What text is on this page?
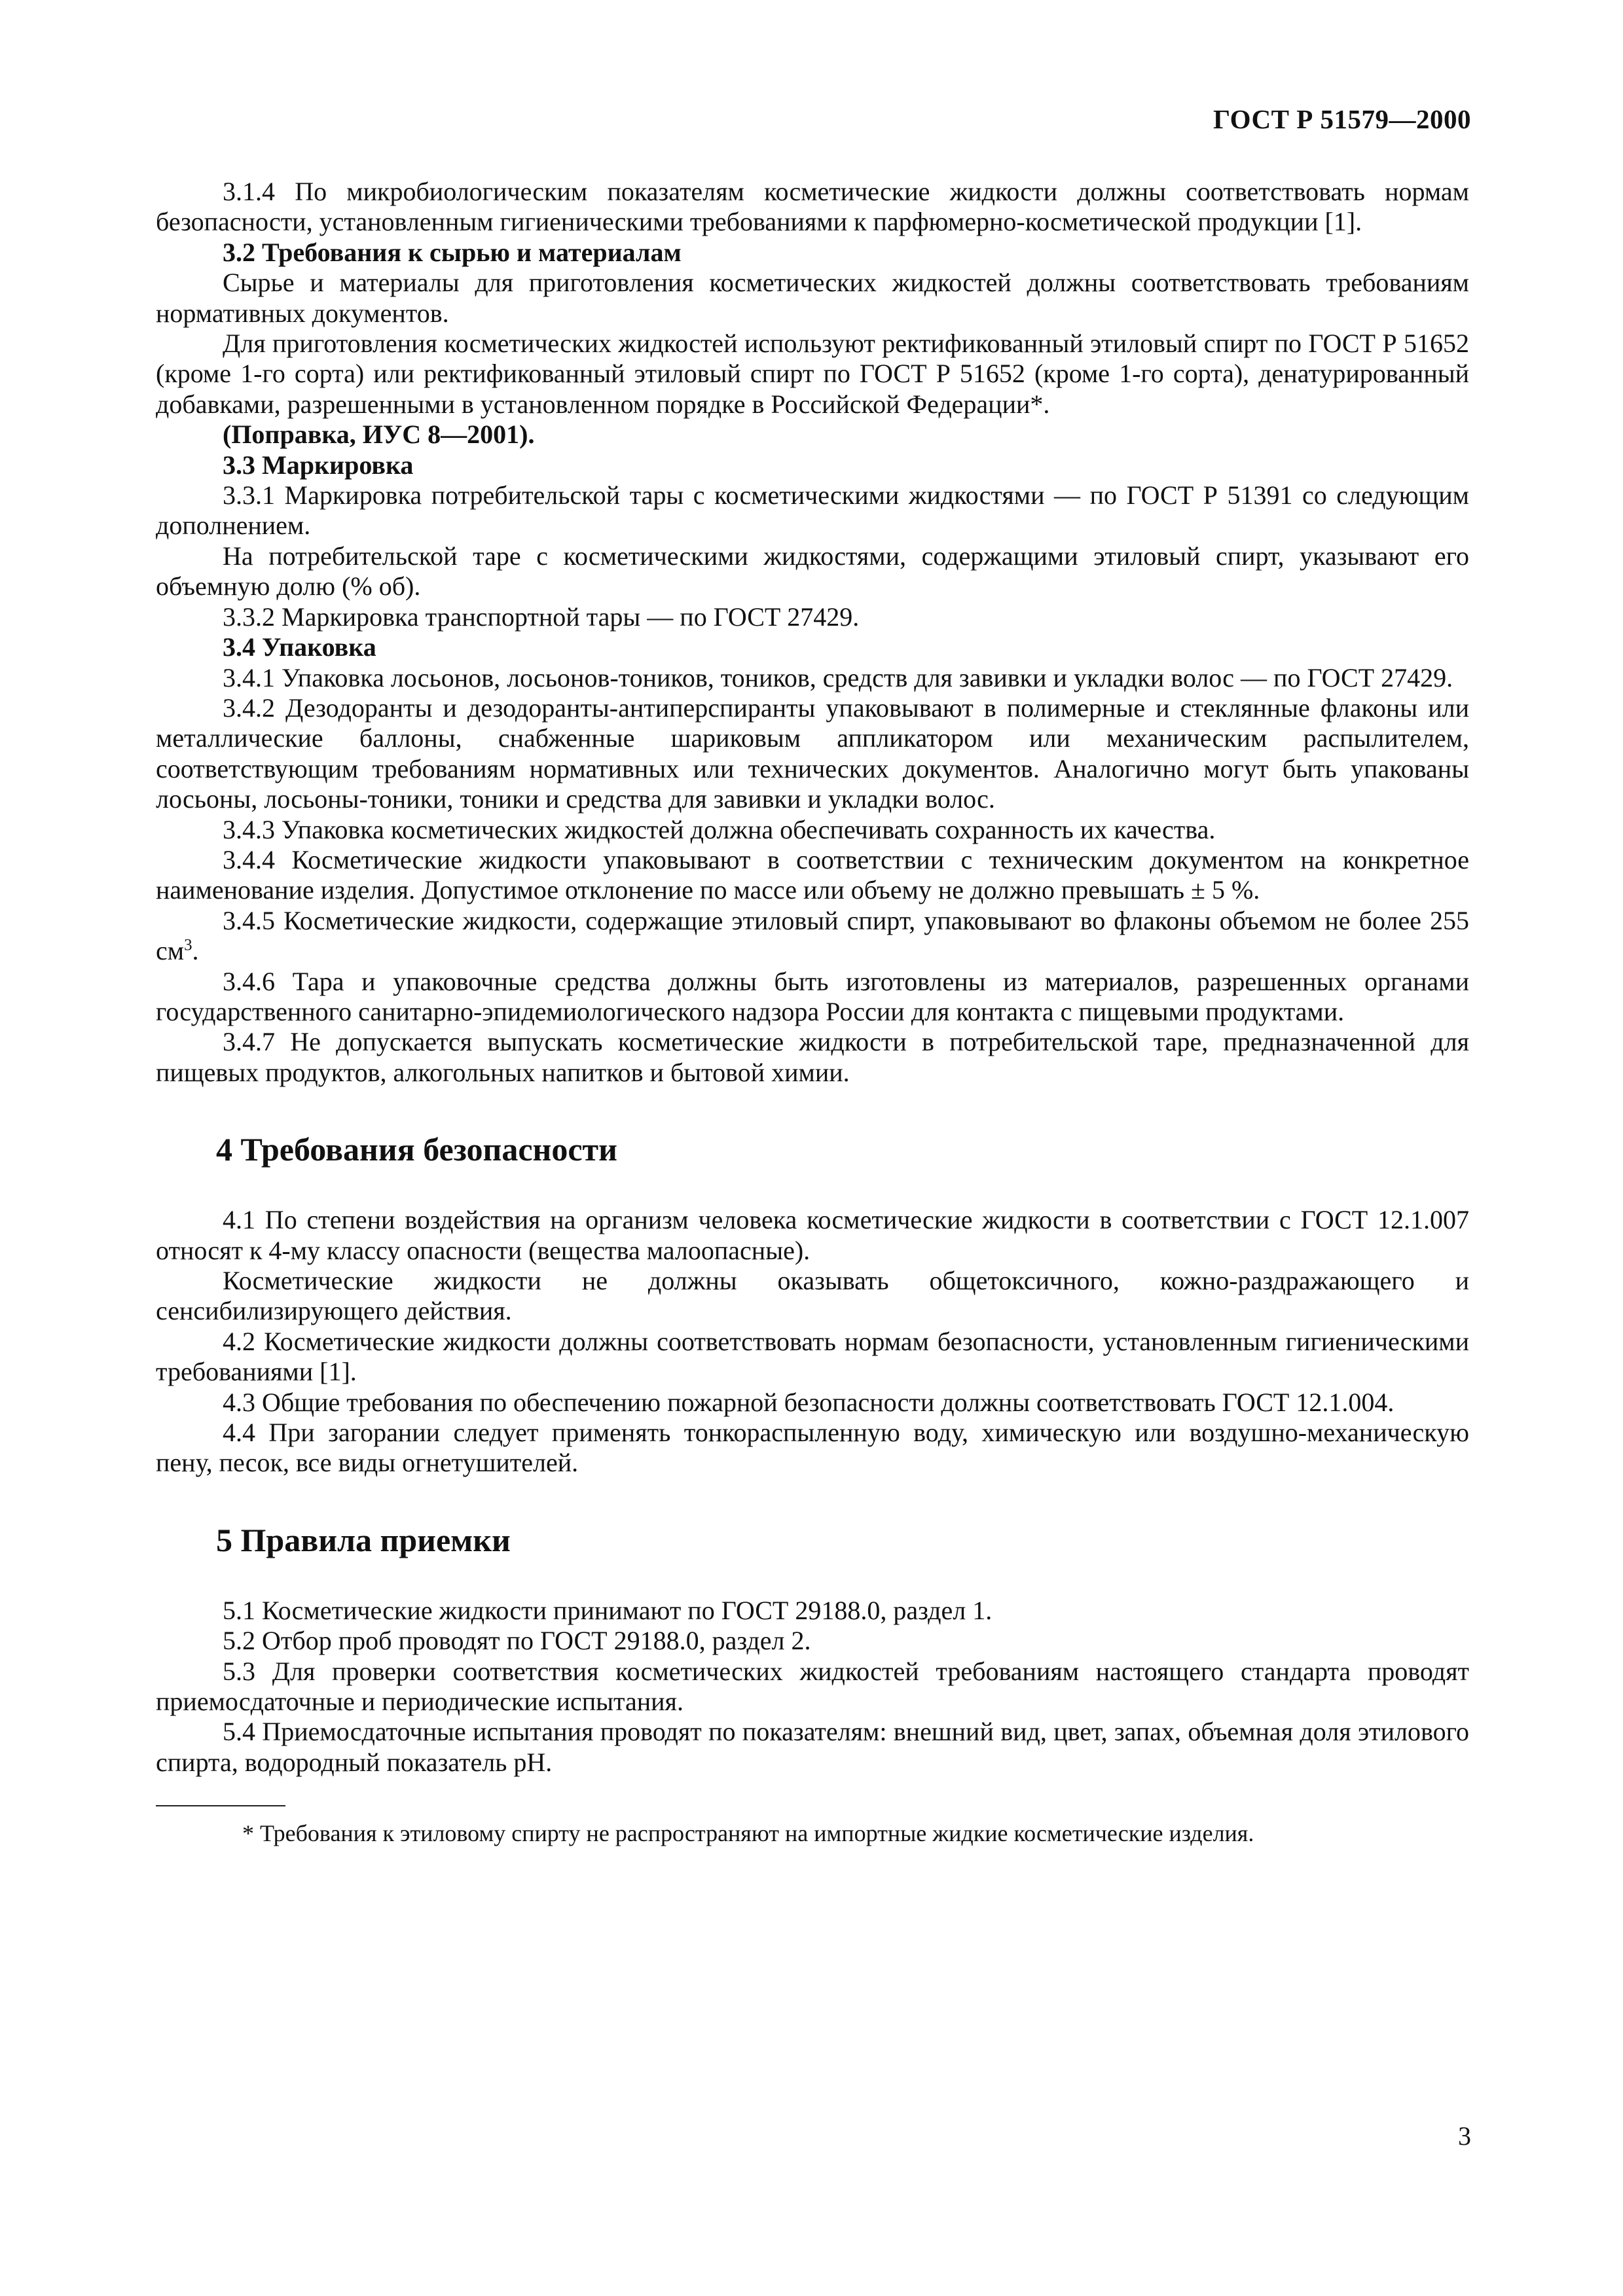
ГОСТ Р 51579—2000

3.1.4 По микробиологическим показателям косметические жидкости должны соответствовать нормам безопасности, установленным гигиеническими требованиями к парфюмерно-косметической продукции [1].

3.2 Требования к сырью и материалам

Сырье и материалы для приготовления косметических жидкостей должны соответствовать требованиям нормативных документов.

Для приготовления косметических жидкостей используют ректификованный этиловый спирт по ГОСТ Р 51652 (кроме 1-го сорта) или ректификованный этиловый спирт по ГОСТ Р 51652 (кроме 1-го сорта), денатурированный добавками, разрешенными в установленном порядке в Российской Федерации*.

(Поправка, ИУС 8—2001).
3.3 Маркировка

3.3.1 Маркировка потребительской тары с косметическими жидкостями — по ГОСТ Р 51391 со следующим дополнением.

На потребительской таре с косметическими жидкостями, содержащими этиловый спирт, указывают его объемную долю (% об).

3.3.2 Маркировка транспортной тары — по ГОСТ 27429.

3.4 Упаковка

3.4.1 Упаковка лосьонов, лосьонов-тоников, тоников, средств для завивки и укладки волос — по ГОСТ 27429.

3.4.2 Дезодоранты и дезодоранты-антиперспиранты упаковывают в полимерные и стеклянные флаконы или металлические баллоны, снабженные шариковым аппликатором или механическим распылителем, соответствующим требованиям нормативных или технических документов. Аналогично могут быть упакованы лосьоны, лосьоны-тоники, тоники и средства для завивки и укладки волос.

3.4.3 Упаковка косметических жидкостей должна обеспечивать сохранность их качества.

3.4.4 Косметические жидкости упаковывают в соответствии с техническим документом на конкретное наименование изделия. Допустимое отклонение по массе или объему не должно превышать ± 5 %.

3.4.5 Косметические жидкости, содержащие этиловый спирт, упаковывают во флаконы объемом не более 255 $см^3$.

3.4.6 Тара и упаковочные средства должны быть изготовлены из материалов, разрешенных органами государственного санитарно-эпидемиологического надзора России для контакта с пищевыми продуктами.

3.4.7 Не допускается выпускать косметические жидкости в потребительской таре, предназначенной для пищевых продуктов, алкогольных напитков и бытовой химии.

4 Требования безопасности

4.1 По степени воздействия на организм человека косметические жидкости в соответствии с ГОСТ 12.1.007 относят к 4-му классу опасности (вещества малоопасные).

Косметические жидкости не должны оказывать общетоксичного, кожно-раздражающего и сенсибилизирующего действия.

4.2 Косметические жидкости должны соответствовать нормам безопасности, установленным гигиеническими требованиями [1].

4.3 Общие требования по обеспечению пожарной безопасности должны соответствовать ГОСТ 12.1.004.

4.4 При загорании следует применять тонкораспыленную воду, химическую или воздушно-механическую пену, песок, все виды огнетушителей.

5 Правила приемки

5.1 Косметические жидкости принимают по ГОСТ 29188.0, раздел 1.

5.2 Отбор проб проводят по ГОСТ 29188.0, раздел 2.

5.3 Для проверки соответствия косметических жидкостей требованиям настоящего стандарта проводят приемосдаточные и периодические испытания.

5.4 Приемосдаточные испытания проводят по показателям: внешний вид, цвет, запах, объемная доля этилового спирта, водородный показатель рН.

* Требования к этиловому спирту не распространяют на импортные жидкие косметические изделия.
3
